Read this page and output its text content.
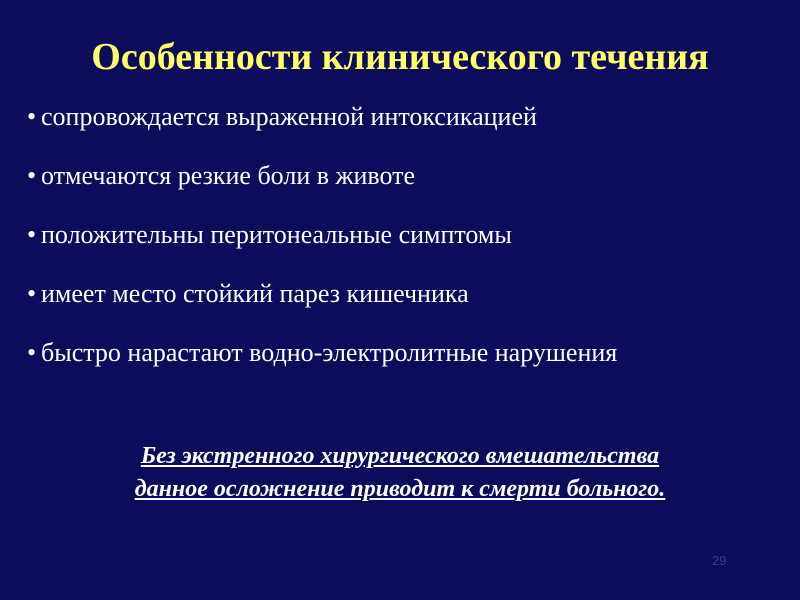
Особенности клинического течения
• сопровождается выраженной интоксикацией
• отмечаются резкие боли в животе
• положительны перитонеальные симптомы
• имеет место стойкий парез кишечника
• быстро нарастают водно-электролитные нарушения
Без экстренного хирургического вмешательства
данное осложнение приводит к смерти больного.
29
